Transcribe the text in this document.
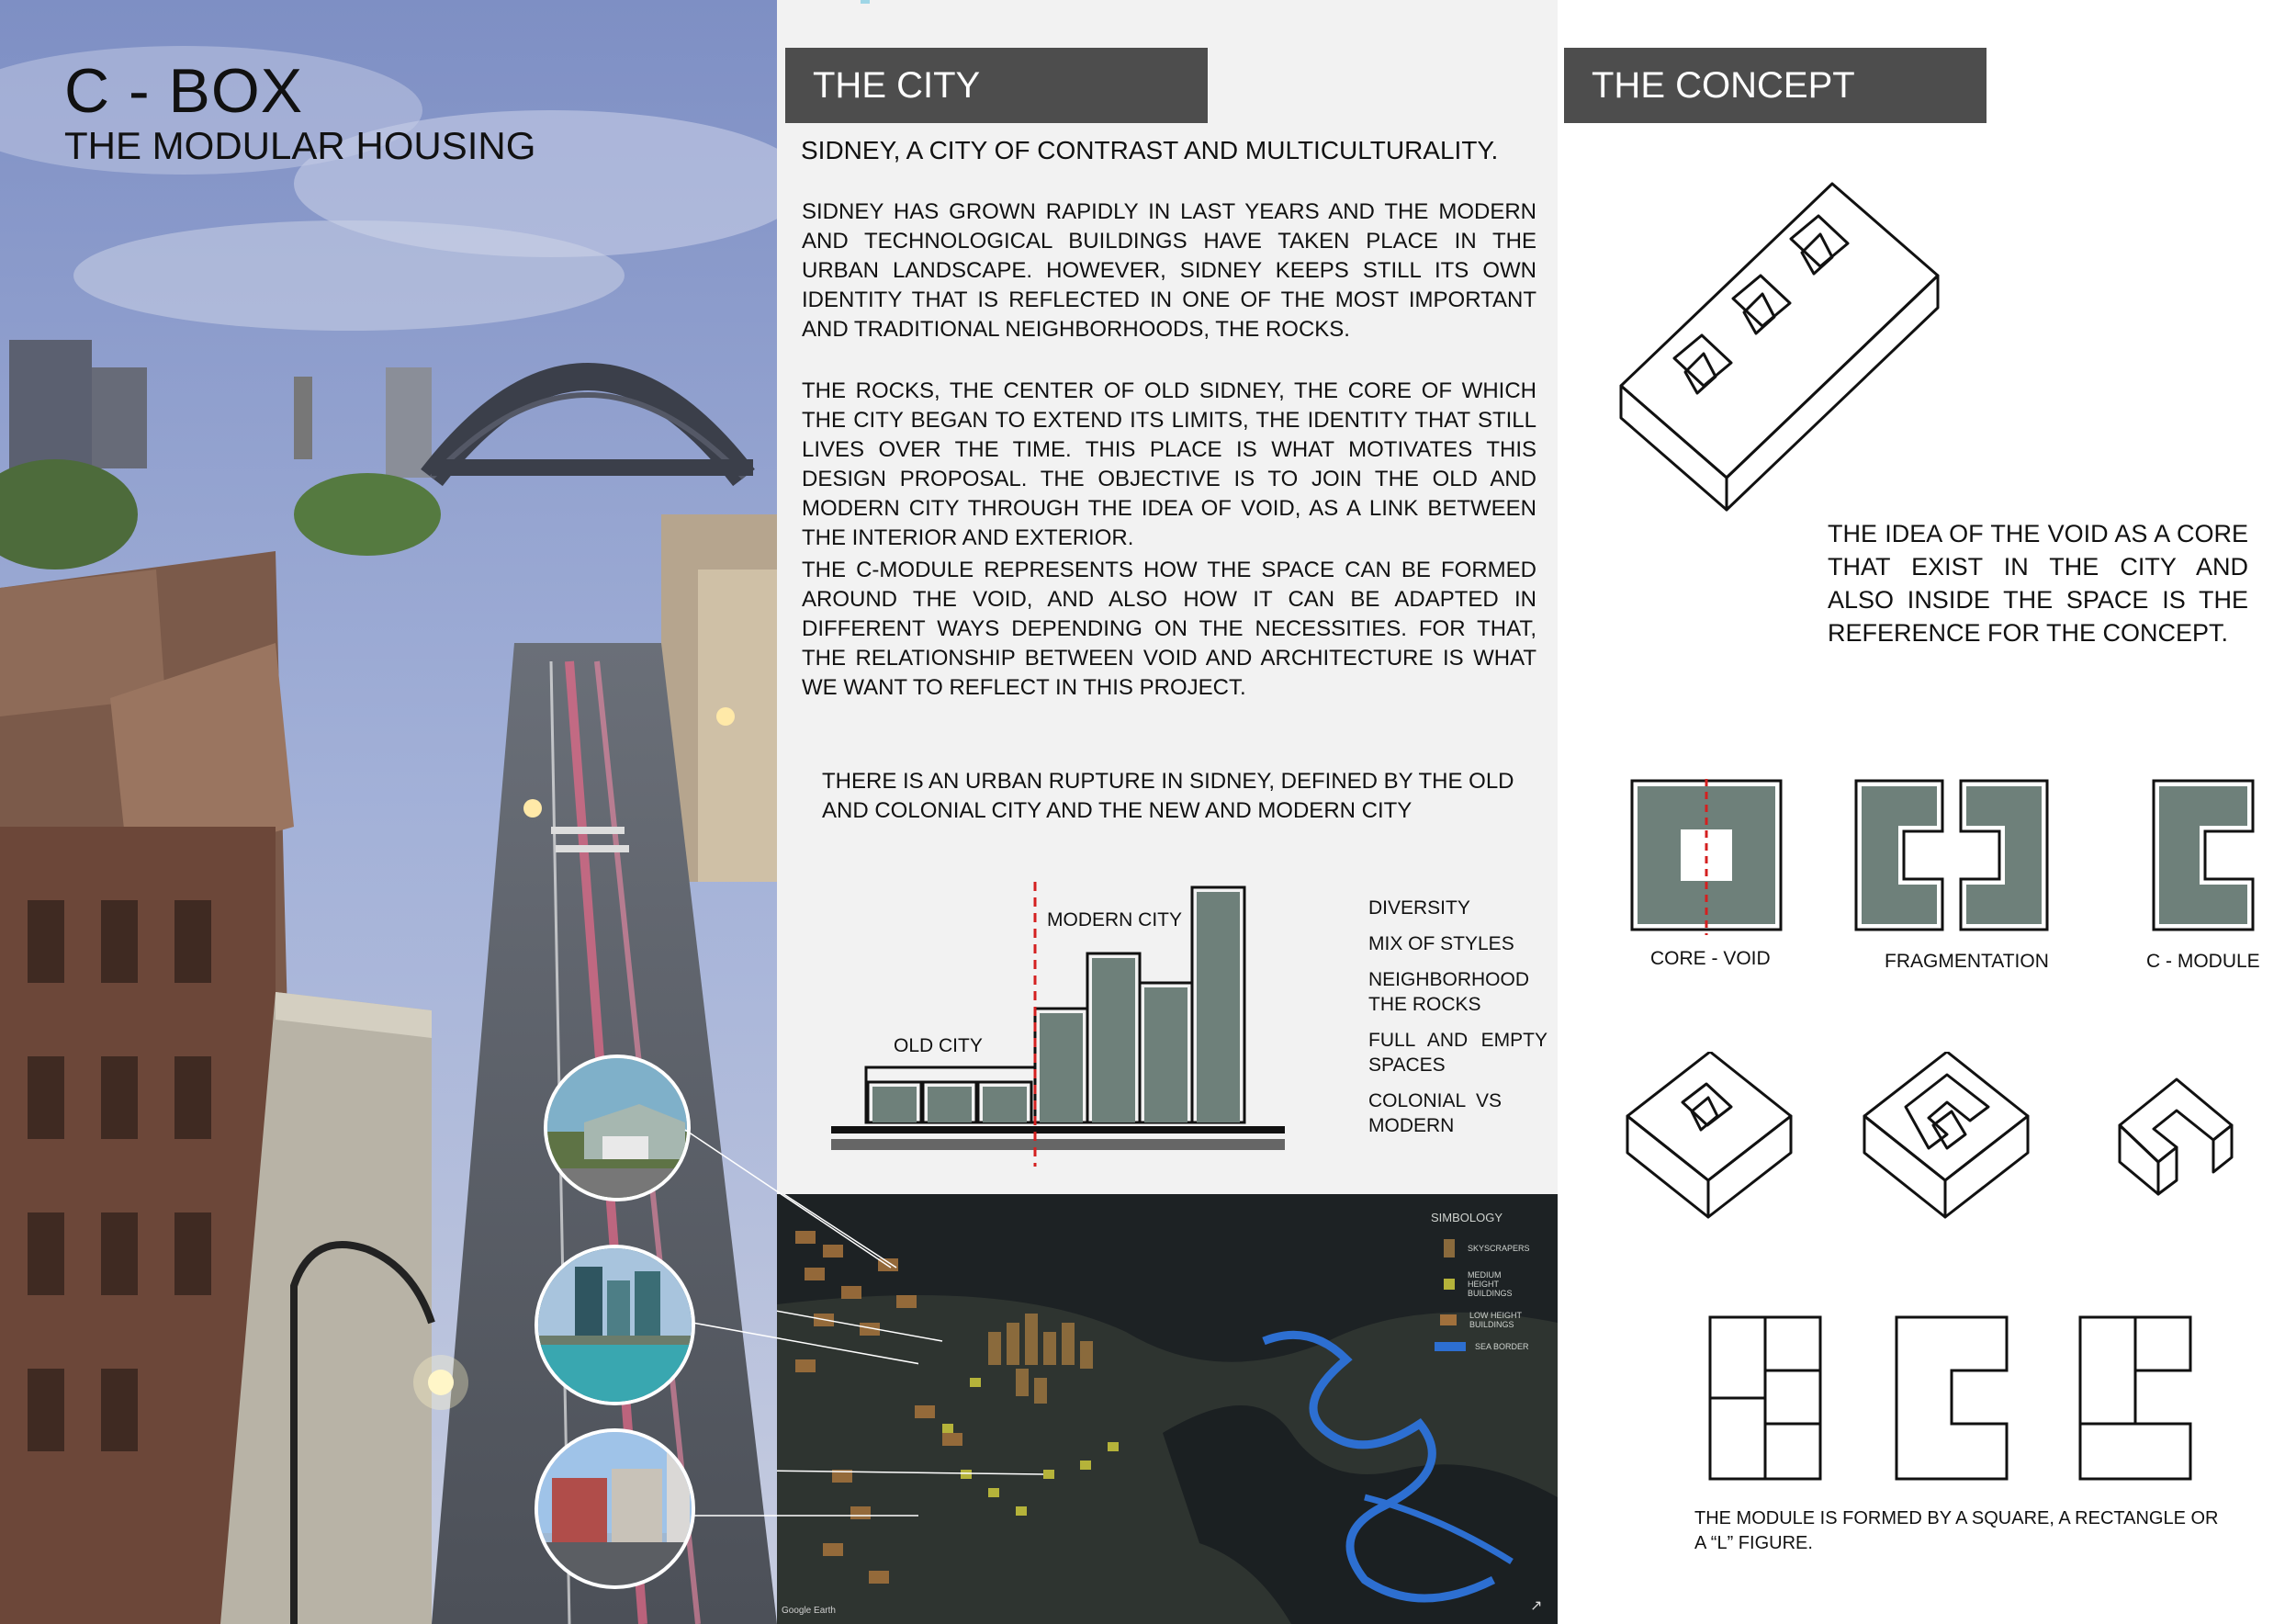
C - BOX
THE MODULAR HOUSING
THE CITY
SIDNEY, A CITY OF CONTRAST AND MULTICULTURALITY.
SIDNEY HAS GROWN RAPIDLY IN LAST YEARS AND THE MODERN AND TECHNOLOGICAL BUILDINGS HAVE TAKEN PLACE IN THE URBAN LANDSCAPE. HOWEVER, SIDNEY KEEPS STILL ITS OWN IDENTITY THAT IS REFLECTED IN ONE OF THE MOST IMPORTANT AND TRADITIONAL NEIGHBORHOODS, THE ROCKS.
THE ROCKS, THE CENTER OF OLD SIDNEY, THE CORE OF WHICH THE CITY BEGAN TO EXTEND ITS LIMITS, THE IDENTITY THAT STILL LIVES OVER THE TIME. THIS PLACE IS WHAT MOTIVATES THIS DESIGN PROPOSAL. THE OBJECTIVE IS TO JOIN THE OLD AND MODERN CITY THROUGH THE IDEA OF VOID, AS A LINK BETWEEN THE INTERIOR AND EXTERIOR.
THE C-MODULE REPRESENTS HOW THE SPACE CAN BE FORMED AROUND THE VOID, AND ALSO HOW IT CAN BE ADAPTED IN DIFFERENT WAYS DEPENDING ON THE NECESSITIES. FOR THAT, THE RELATIONSHIP BETWEEN VOID AND ARCHITECTURE IS WHAT WE WANT TO REFLECT IN THIS PROJECT.
THERE IS AN URBAN RUPTURE IN SIDNEY, DEFINED BY THE OLD AND COLONIAL CITY AND THE NEW AND MODERN CITY
OLD CITY
MODERN CITY
DIVERSITY
MIX OF STYLES
NEIGHBORHOOD THE ROCKS
FULL AND EMPTY SPACES
COLONIAL VS MODERN
SIMBOLOGY
SKYSCRAPERS
MEDIUM HEIGHT BUILDINGS
LOW HEIGHT BUILDINGS
SEA BORDER
Google Earth	↗
THE CONCEPT
THE IDEA OF THE VOID AS A CORE THAT EXIST IN THE CITY AND ALSO INSIDE THE SPACE IS THE REFERENCE FOR THE CONCEPT.
CORE - VOID	FRAGMENTATION	C - MODULE
THE MODULE IS FORMED BY A SQUARE, A RECTANGLE OR A “L” FIGURE.
